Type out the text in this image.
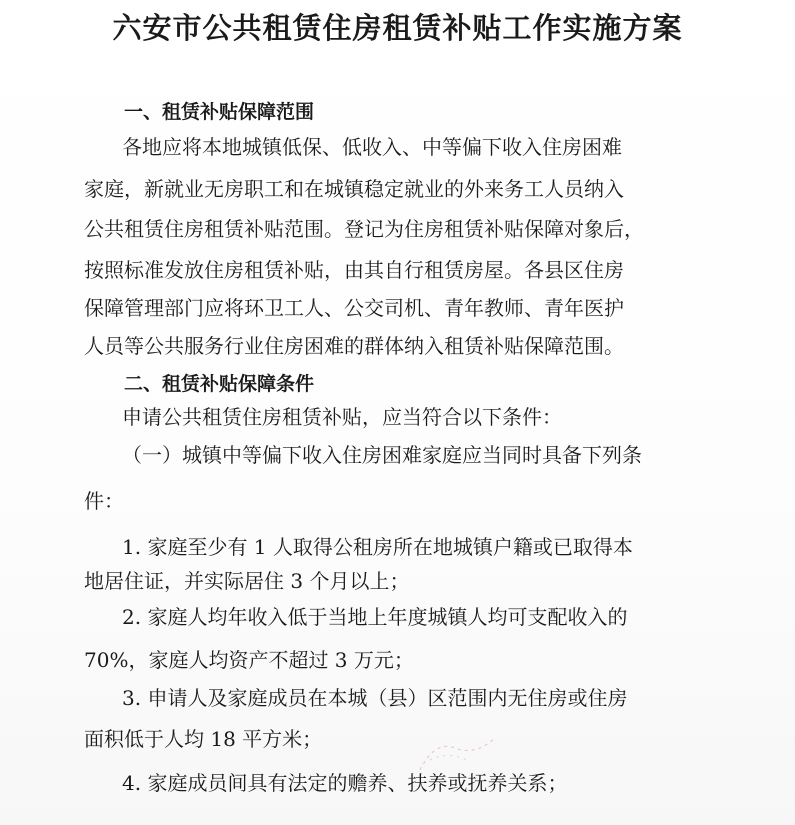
六安市公共租赁住房租赁补贴工作实施方案
一、租赁补贴保障范围

各地应将本地城镇低保、低收入、中等偏下收入住房困难

家庭，新就业无房职工和在城镇稳定就业的外来务工人员纳入

公共租赁住房租赁补贴范围。登记为住房租赁补贴保障对象后，

按照标准发放住房租赁补贴，由其自行租赁房屋。各县区住房

保障管理部门应将环卫工人、公交司机、青年教师、青年医护

人员等公共服务行业住房困难的群体纳入租赁补贴保障范围。

二、租赁补贴保障条件

申请公共租赁住房租赁补贴，应当符合以下条件：

（一）城镇中等偏下收入住房困难家庭应当同时具备下列条

件：

1. 家庭至少有 1 人取得公租房所在地城镇户籍或已取得本

地居住证，并实际居住 3 个月以上；

2. 家庭人均年收入低于当地上年度城镇人均可支配收入的

70%，家庭人均资产不超过 3 万元；

3. 申请人及家庭成员在本城（县）区范围内无住房或住房

面积低于人均 18 平方米；

4. 家庭成员间具有法定的赡养、扶养或抚养关系；
